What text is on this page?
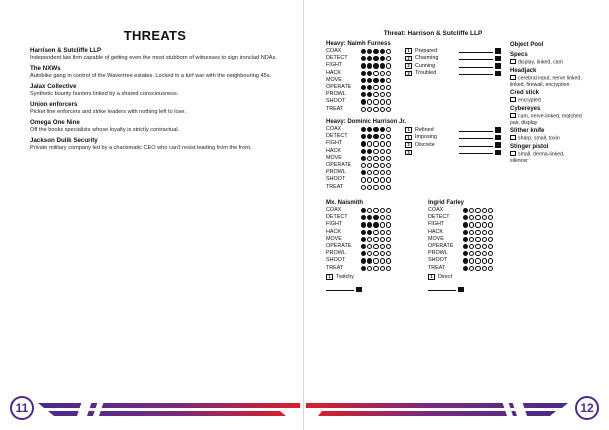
THREATS
Harrison & Sutcliffe LLP
Independent law firm capable of getting even the most stubborn of witnesses to sign ironclad NDAs.
The NXWs
Autobike gang in control of the Wavertree estates. Locked in a turf war with the neighbouring 45s.
Jalax Collective
Synthetic bounty hunters linked by a shared consciousness.
Union enforcers
Picket line enforcers and strike leaders with nothing left to lose.
Omega One Nine
Off the books specialists whose loyalty is strictly contractual.
Jackson Dulik Security
Private military company led by a charismatic CEO who can't resist leading from the front.
Threat: Harrison & Sutcliffe LLP
Heavy: Naimh Furness
COAX
DETECT
FIGHT
HACK
MOVE
OPERATE
PROWL
SHOOT
TREAT
1 Prepared
2 Charming
2 Cunning
3 Troubled
Heavy: Dominic Harrison Jr.
COAX
DETECT
FIGHT
HACK
MOVE
OPERATE
PROWL
SHOOT
TREAT
1 Refined
1 Imposing
3 Discrete
3
Mx. Naismith
COAX
DETECT
FIGHT
HACK
MOVE
OPERATE
PROWL
SHOOT
TREAT
1 Twitchy
Ingrid Farley
COAX
DETECT
FIGHT
HACK
MOVE
OPERATE
PROWL
SHOOT
TREAT
1 Direct
Object Pool
Specs
display, linked, cam
Headjack
cerebral input, nerve linked, linked, firewall, encryption
Cred stick
encrypted
Cybereyes
cam, nerve-linked, matched pair, display
Slither knife
sharp, small, toxin
Stinger pistol
small, derma-linked, silencer
11	12
